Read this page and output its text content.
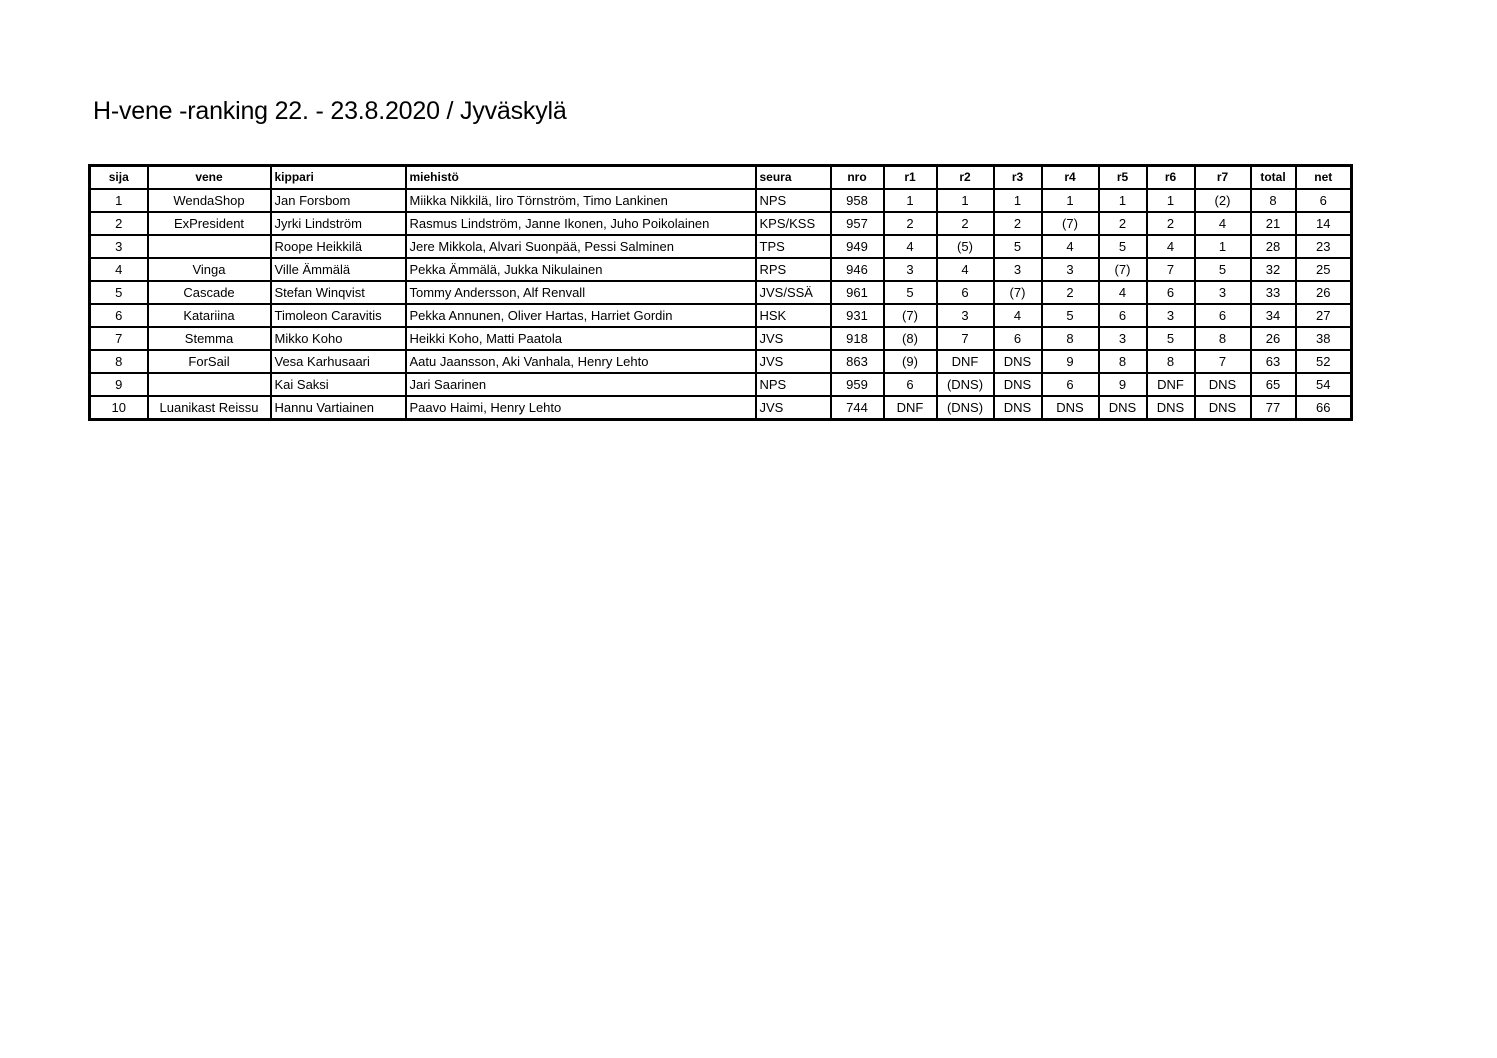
H-vene -ranking 22. - 23.8.2020 / Jyväskylä
sija	vene	kippari	miehistö	seura	nro	r1	r2	r3	r4	r5	r6	r7	total	net
1	WendaShop	Jan Forsbom	Miikka Nikkilä, Iiro Törnström, Timo Lankinen	NPS	958	1	1	1	1	1	1	(2)	8	6
2	ExPresident	Jyrki Lindström	Rasmus Lindström, Janne Ikonen, Juho Poikolainen	KPS/KSS	957	2	2	2	(7)	2	2	4	21	14
3		Roope Heikkilä	Jere Mikkola, Alvari Suonpää, Pessi Salminen	TPS	949	4	(5)	5	4	5	4	1	28	23
4	Vinga	Ville Ämmälä	Pekka Ämmälä, Jukka Nikulainen	RPS	946	3	4	3	3	(7)	7	5	32	25
5	Cascade	Stefan Winqvist	Tommy Andersson, Alf Renvall	JVS/SSÄ	961	5	6	(7)	2	4	6	3	33	26
6	Katariina	Timoleon Caravitis	Pekka Annunen, Oliver Hartas, Harriet Gordin	HSK	931	(7)	3	4	5	6	3	6	34	27
7	Stemma	Mikko Koho	Heikki Koho, Matti Paatola	JVS	918	(8)	7	6	8	3	5	8	26	38
8	ForSail	Vesa Karhusaari	Aatu Jaansson, Aki Vanhala, Henry Lehto	JVS	863	(9)	DNF	DNS	9	8	8	7	63	52
9		Kai Saksi	Jari Saarinen	NPS	959	6	(DNS)	DNS	6	9	DNF	DNS	65	54
10	Luanikast Reissu	Hannu Vartiainen	Paavo Haimi, Henry Lehto	JVS	744	DNF	(DNS)	DNS	DNS	DNS	DNS	DNS	77	66
